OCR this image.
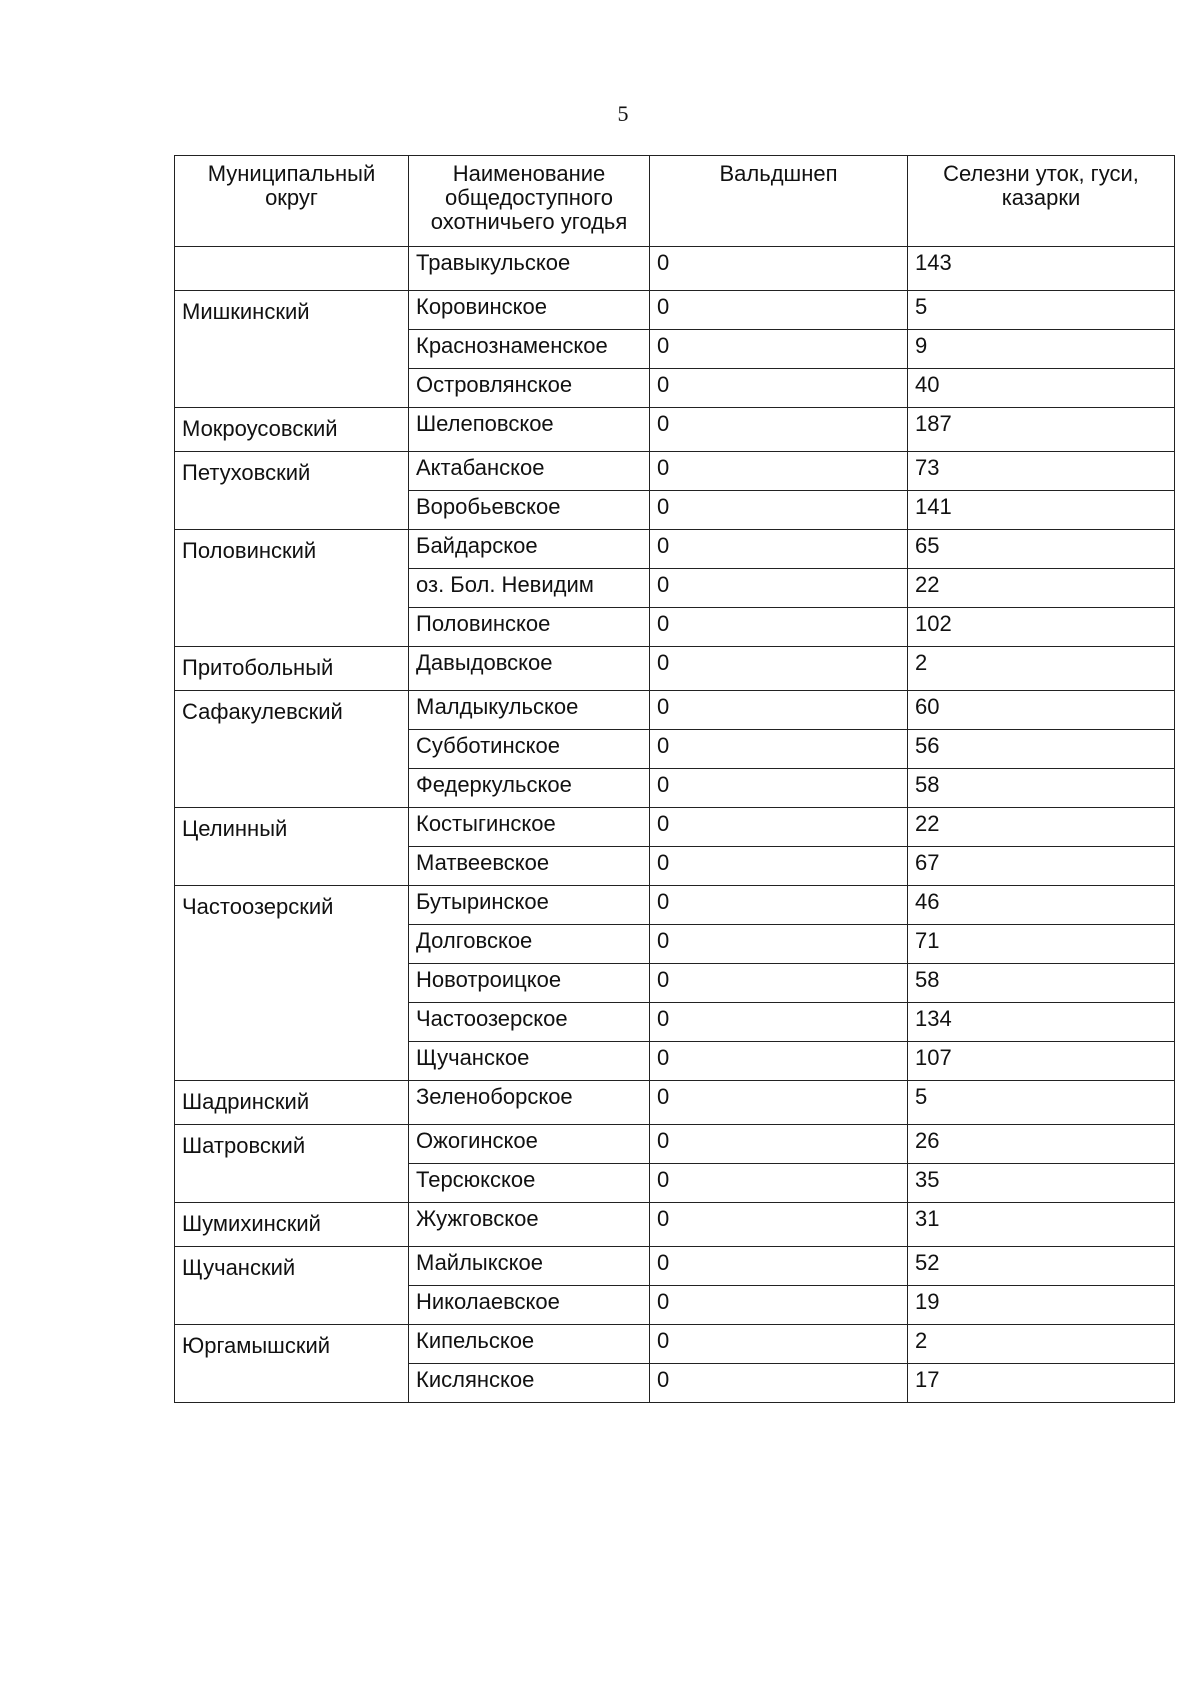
5
Муниципальный округ	Наименование общедоступного охотничьего угодья	Вальдшнеп	Селезни уток, гуси, казарки
	Травыкульское	0	143
Мишкинский	Коровинское	0	5
	Краснознаменское	0	9
	Островлянское	0	40
Мокроусовский	Шелеповское	0	187
Петуховский	Актабанское	0	73
	Воробьевское	0	141
Половинский	Байдарское	0	65
	оз. Бол. Невидим	0	22
	Половинское	0	102
Притобольный	Давыдовское	0	2
Сафакулевский	Малдыкульское	0	60
	Субботинское	0	56
	Федеркульское	0	58
Целинный	Костыгинское	0	22
	Матвеевское	0	67
Частоозерский	Бутыринское	0	46
	Долговское	0	71
	Новотроицкое	0	58
	Частоозерское	0	134
	Щучанское	0	107
Шадринский	Зеленоборское	0	5
Шатровский	Ожогинское	0	26
	Терсюкское	0	35
Шумихинский	Жужговское	0	31
Щучанский	Майлыкское	0	52
	Николаевское	0	19
Юргамышский	Кипельское	0	2
	Кислянское	0	17
